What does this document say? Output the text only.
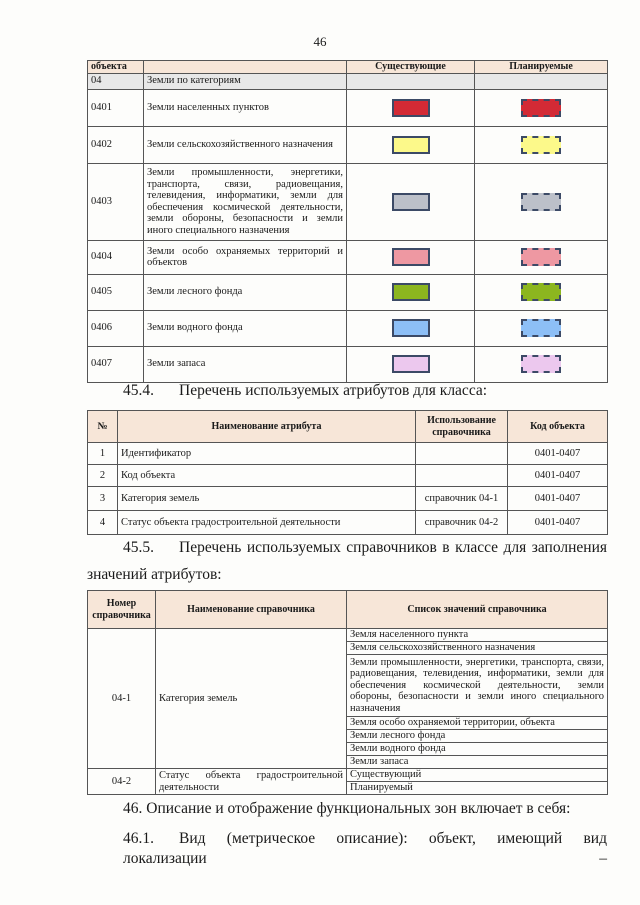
46
объекта		Существующие	Планируемые
04	Земли по категориям		
0401	Земли населенных пунктов	

0402	Земли сельскохозяйственного назначения	

0403	Земли промышленности, энергетики, транспорта, связи, радиовещания, телевидения, информатики, земли для обеспечения космической деятельности, земли обороны, безопасности и земли иного специального назначения	

0404	Земли особо охраняемых территорий и объектов	

0405	Земли лесного фонда	

0406	Земли водного фонда	

0407	Земли запаса	

45.4. Перечень используемых атрибутов для класса:
№	Наименование атрибута	Использование справочника	Код объекта
1	Идентификатор		0401-0407
2	Код объекта		0401-0407
3	Категория земель	справочник 04-1	0401-0407
4	Статус объекта градостроительной деятельности	справочник 04-2	0401-0407
45.5. Перечень используемых справочников в классе для заполнения
значений атрибутов:
Номер справочника	Наименование справочника	Список значений справочника
04-1	Категория земель	Земля населенного пункта
		Земля сельскохозяйственного назначения
		Земли промышленности, энергетики, транспорта, связи, радиовещания, телевидения, информатики, земли для обеспечения космической деятельности, земли обороны, безопасности и земли иного специального назначения
		Земля особо охраняемой территории, объекта
		Земли лесного фонда
		Земли водного фонда
		Земли запаса
04-2	Статус объекта градостроительной деятельности	Существующий
		Планируемый
46. Описание и отображение функциональных зон включает в себя:
46.1. Вид (метрическое описание): объект, имеющий вид локализации –
